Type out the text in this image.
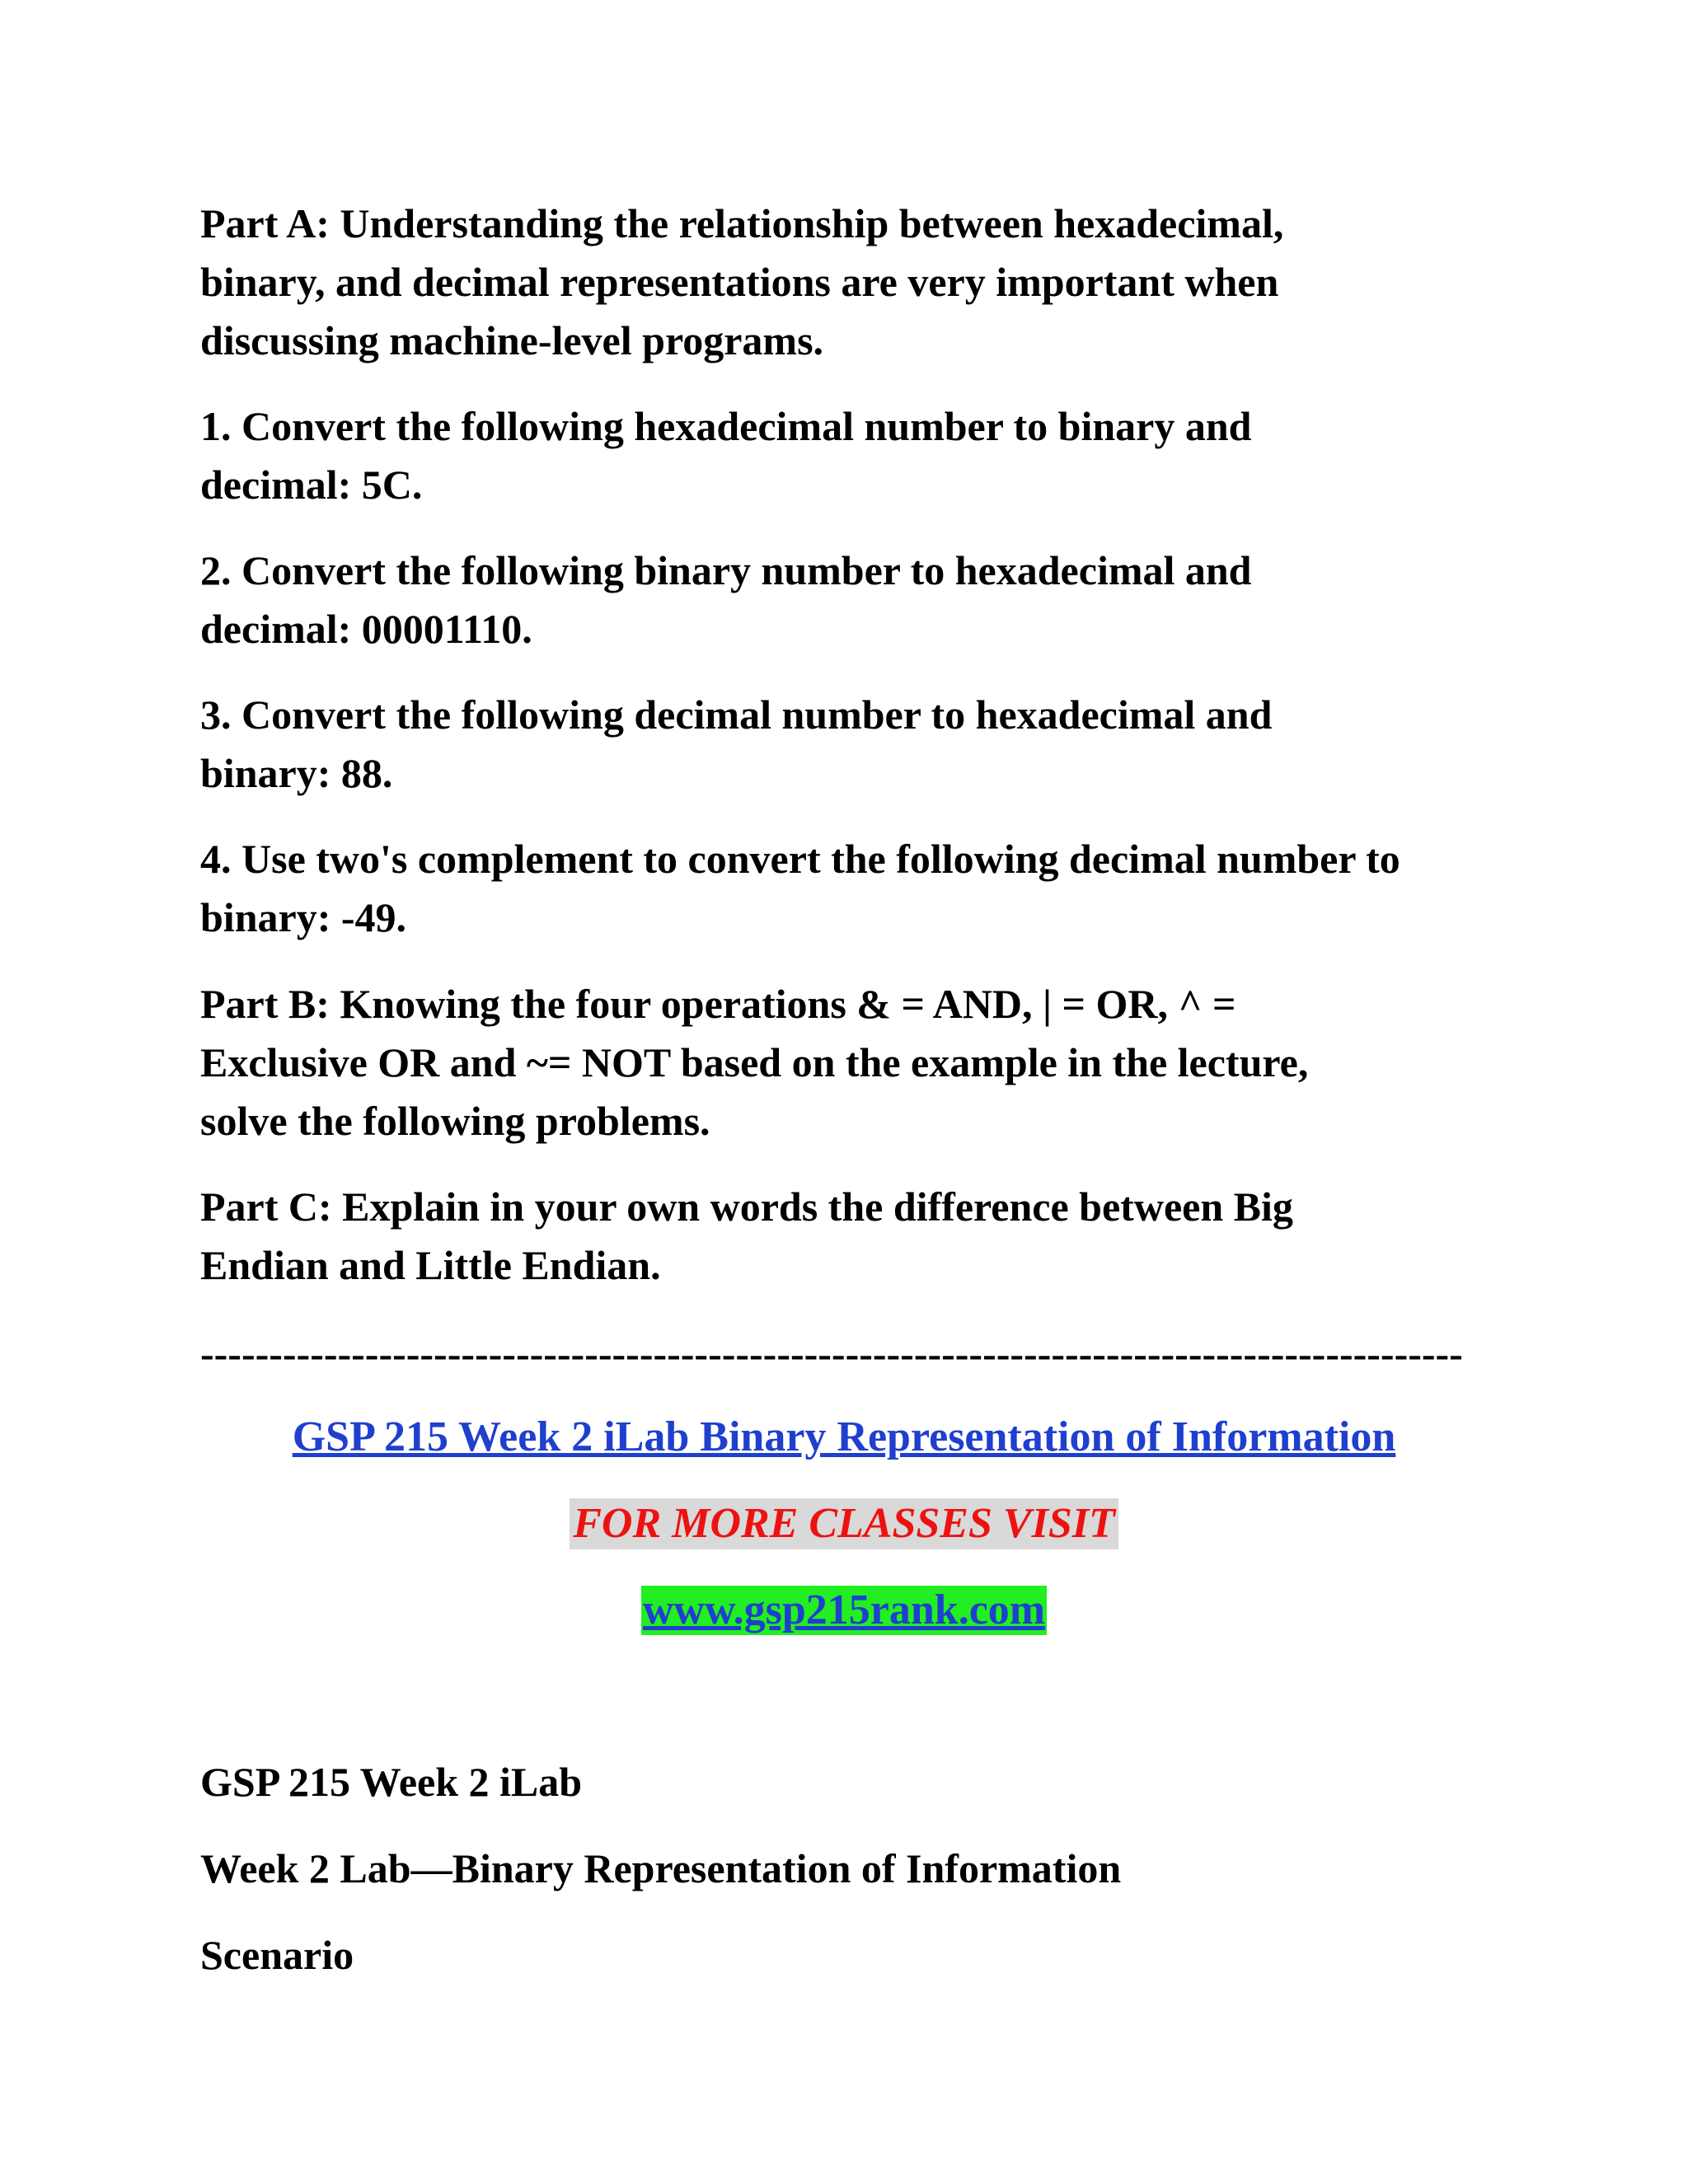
Part A: Understanding the relationship between hexadecimal,
binary, and decimal representations are very important when
discussing machine-level programs.

1. Convert the following hexadecimal number to binary and
decimal: 5C.

2. Convert the following binary number to hexadecimal and
decimal: 00001110.

3. Convert the following decimal number to hexadecimal and
binary: 88.

4. Use two's complement to convert the following decimal number to
binary: -49.

Part B: Knowing the four operations & = AND, | = OR, ^ =
Exclusive OR and ~= NOT based on the example in the lecture,
solve the following problems.

Part C: Explain in your own words the difference between Big
Endian and Little Endian.

--------------------------------------------------------------------------------------------
GSP 215 Week 2 iLab Binary Representation of Information
FOR MORE CLASSES VISIT
www.gsp215rank.com

GSP 215 Week 2 iLab

Week 2 Lab—Binary Representation of Information

Scenario
